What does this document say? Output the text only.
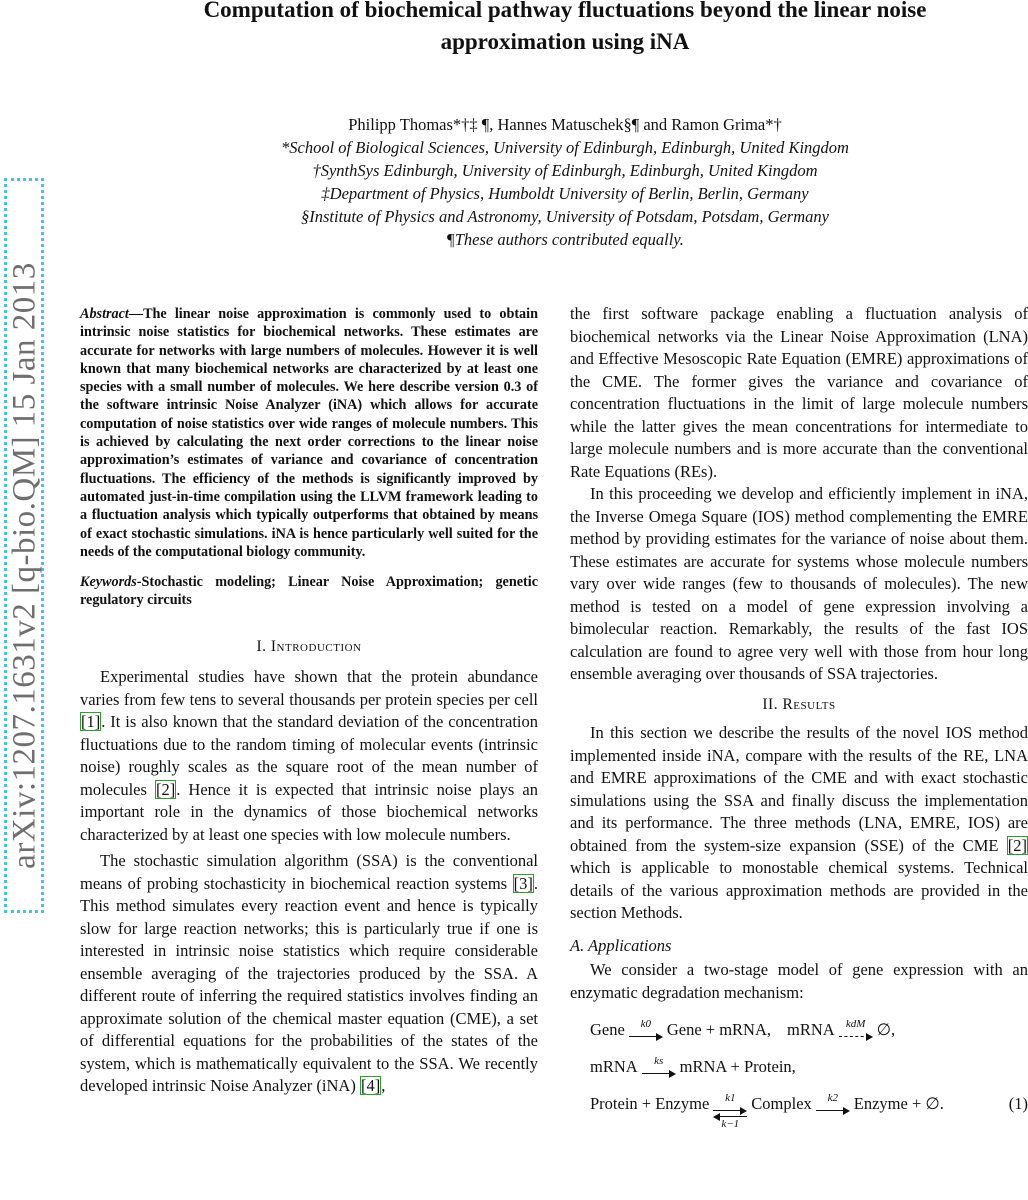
Computation of biochemical pathway fluctuations beyond the linear noise
approximation using iNA
Philipp Thomas*†‡ ¶, Hannes Matuschek§¶ and Ramon Grima*†
*School of Biological Sciences, University of Edinburgh, Edinburgh, United Kingdom
†SynthSys Edinburgh, University of Edinburgh, Edinburgh, United Kingdom
‡Department of Physics, Humboldt University of Berlin, Berlin, Germany
§Institute of Physics and Astronomy, University of Potsdam, Potsdam, Germany
¶These authors contributed equally.
arXiv:1207.1631v2 [q-bio.QM] 15 Jan 2013	Abstract—The linear noise approximation is commonly used to obtain intrinsic noise statistics for biochemical networks. These estimates are accurate for networks with large numbers of molecules. However it is well known that many biochemical networks are characterized by at least one species with a small number of molecules. We here describe version 0.3 of the software intrinsic Noise Analyzer (iNA) which allows for accurate computation of noise statistics over wide ranges of molecule numbers. This is achieved by calculating the next order corrections to the linear noise approximation’s estimates of variance and covariance of concentration fluctuations. The efficiency of the methods is significantly improved by automated just-in-time compilation using the LLVM framework leading to a fluctuation analysis which typically outperforms that obtained by means of exact stochastic simulations. iNA is hence particularly well suited for the needs of the computational biology community.

Keywords-Stochastic modeling; Linear Noise Approximation; genetic regulatory circuits

I. Introduction

Experimental studies have shown that the protein abundance varies from few tens to several thousands per protein species per cell [1]. It is also known that the standard deviation of the concentration fluctuations due to the random timing of molecular events (intrinsic noise) roughly scales as the square root of the mean number of molecules [2]. Hence it is expected that intrinsic noise plays an important role in the dynamics of those biochemical networks characterized by at least one species with low molecule numbers.

The stochastic simulation algorithm (SSA) is the conventional means of probing stochasticity in biochemical reaction systems [3]. This method simulates every reaction event and hence is typically slow for large reaction networks; this is particularly true if one is interested in intrinsic noise statistics which require considerable ensemble averaging of the trajectories produced by the SSA. A different route of inferring the required statistics involves finding an approximate solution of the chemical master equation (CME), a set of differential equations for the probabilities of the states of the system, which is mathematically equivalent to the SSA. We recently developed intrinsic Noise Analyzer (iNA) [4],

the first software package enabling a fluctuation analysis of biochemical networks via the Linear Noise Approximation (LNA) and Effective Mesoscopic Rate Equation (EMRE) approximations of the CME. The former gives the variance and covariance of concentration fluctuations in the limit of large molecule numbers while the latter gives the mean concentrations for intermediate to large molecule numbers and is more accurate than the conventional Rate Equations (REs).

In this proceeding we develop and efficiently implement in iNA, the Inverse Omega Square (IOS) method complementing the EMRE method by providing estimates for the variance of noise about them. These estimates are accurate for systems whose molecule numbers vary over wide ranges (few to thousands of molecules). The new method is tested on a model of gene expression involving a bimolecular reaction. Remarkably, the results of the fast IOS calculation are found to agree very well with those from hour long ensemble averaging over thousands of SSA trajectories.

II. Results

In this section we describe the results of the novel IOS method implemented inside iNA, compare with the results of the RE, LNA and EMRE approximations of the CME and with exact stochastic simulations using the SSA and finally discuss the implementation and its performance. The three methods (LNA, EMRE, IOS) are obtained from the system-size expansion (SSE) of the CME [2] which is applicable to monostable chemical systems. Technical details of the various approximation methods are provided in the section Methods.

A. Applications

We consider a two-stage model of gene expression with an enzymatic degradation mechanism:

Gene	k0 Gene + mRNA, mRNA	kdM ∅,
mRNA	ks mRNA + Protein,
Protein + Enzyme	k1
k−1
Complex	k2 Enzyme + ∅.	(1)
